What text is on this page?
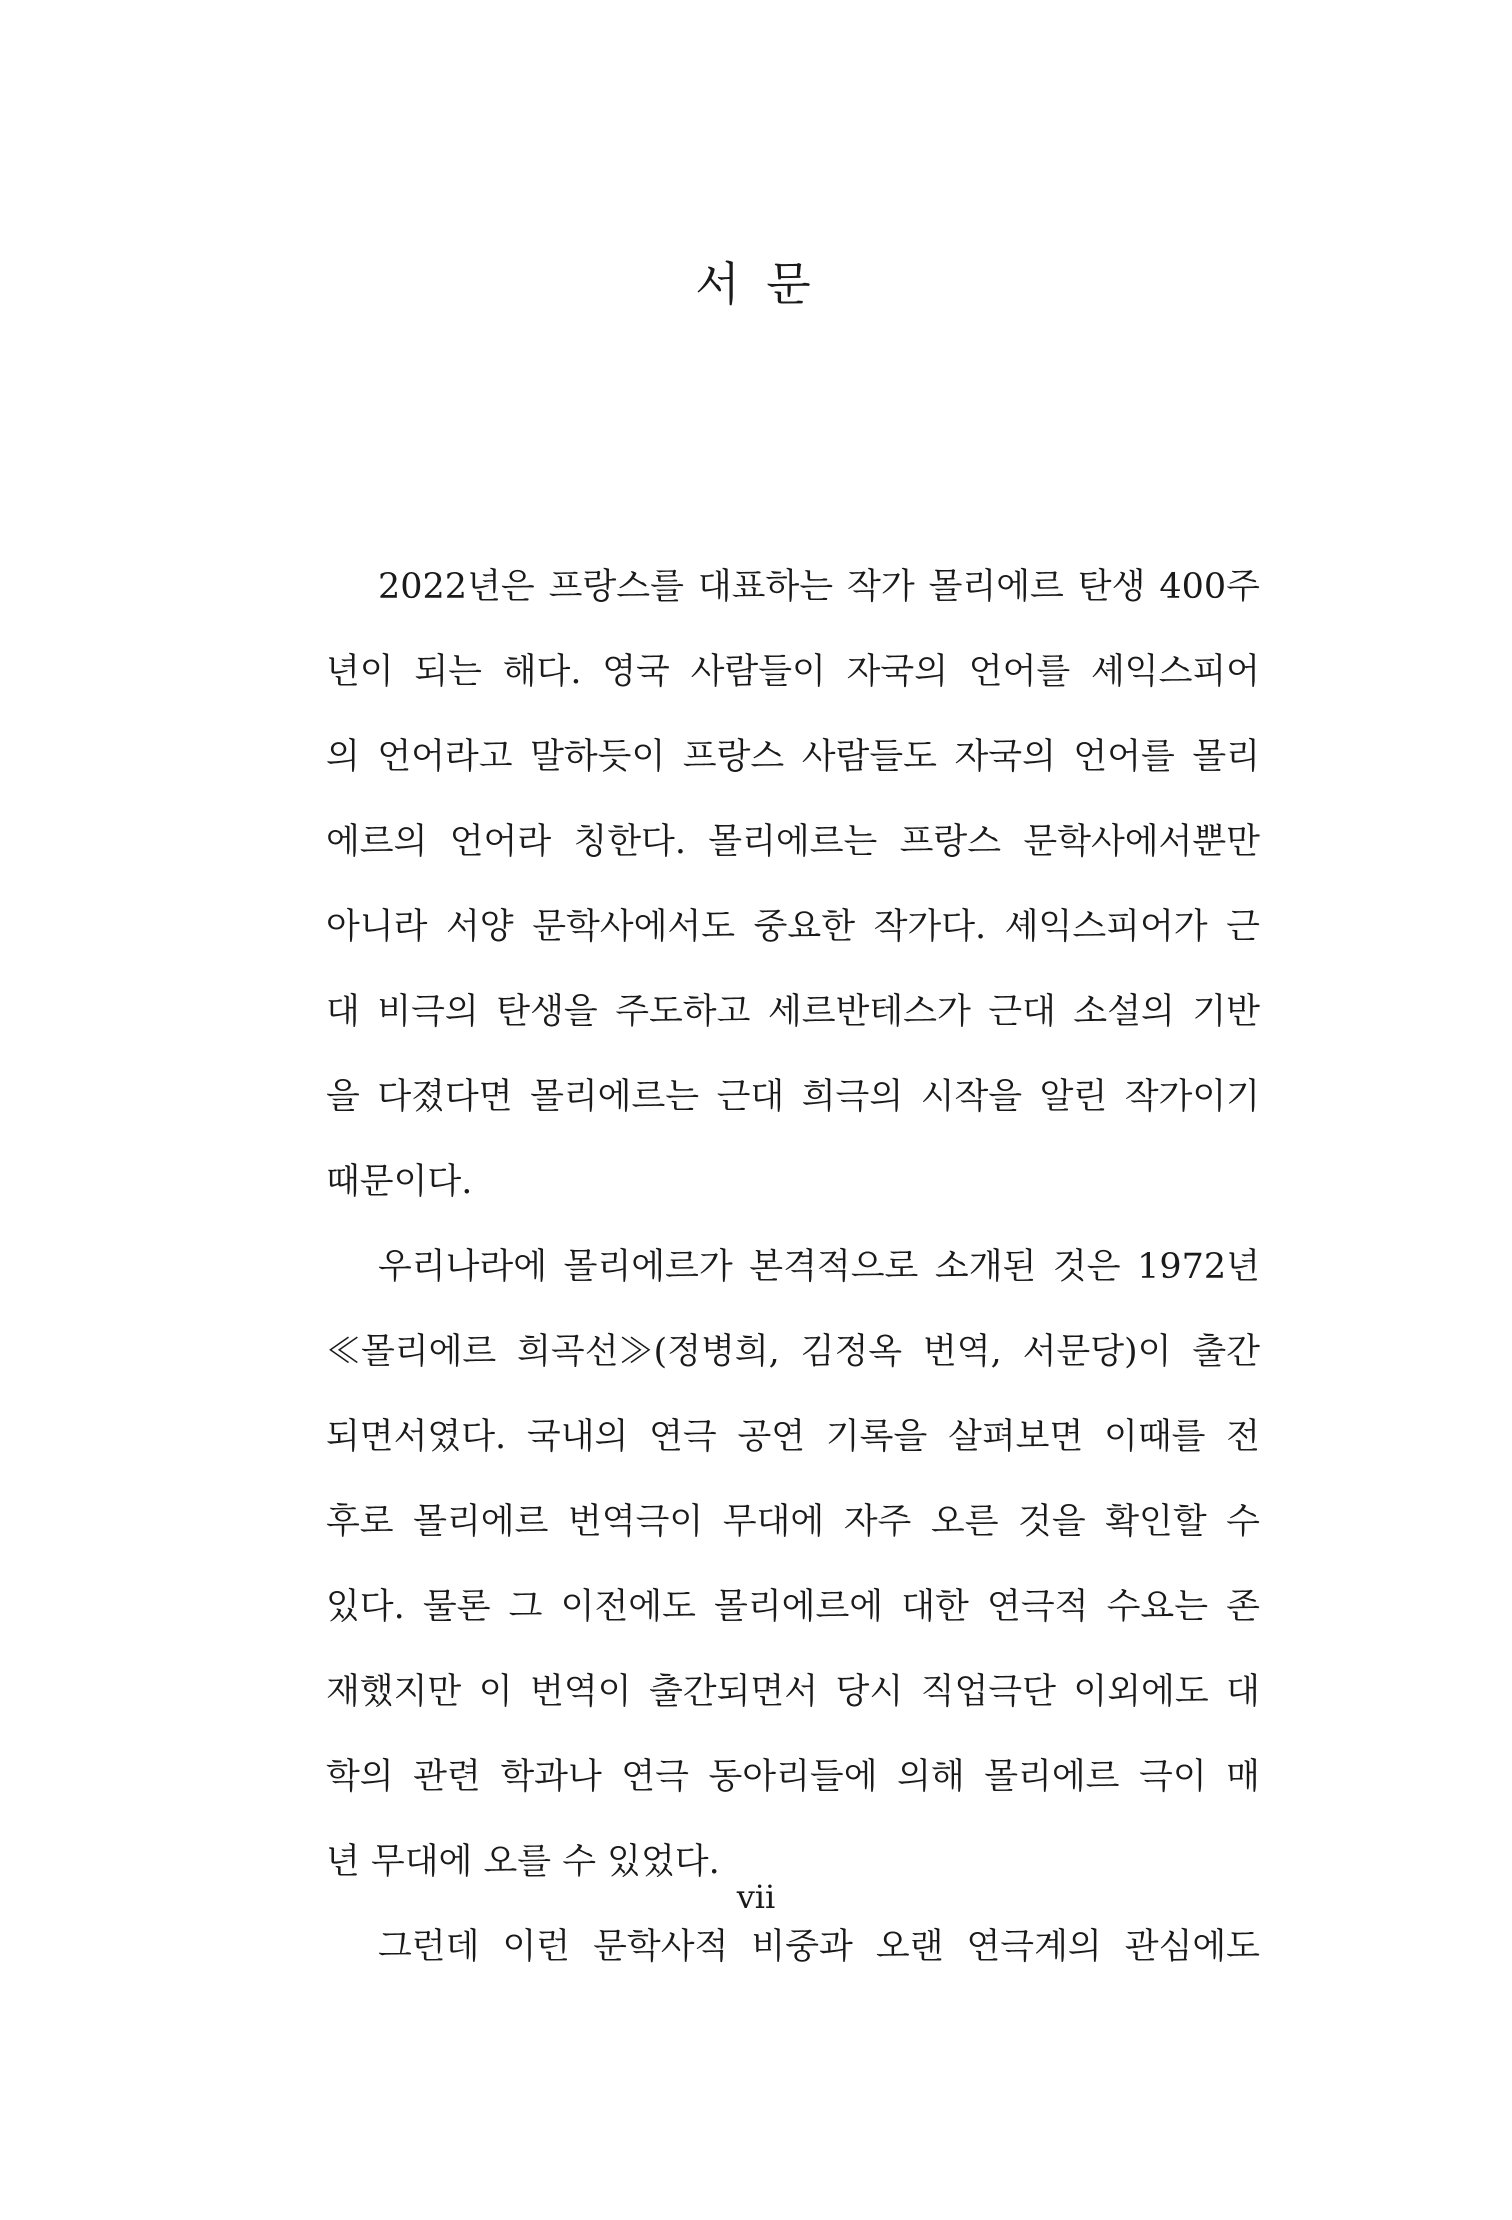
서 문
2022년은 프랑스를 대표하는 작가 몰리에르 탄생 400주
년이 되는 해다. 영국 사람들이 자국의 언어를 셰익스피어
의 언어라고 말하듯이 프랑스 사람들도 자국의 언어를 몰리
에르의 언어라 칭한다. 몰리에르는 프랑스 문학사에서뿐만
아니라 서양 문학사에서도 중요한 작가다. 셰익스피어가 근
대 비극의 탄생을 주도하고 세르반테스가 근대 소설의 기반
을 다졌다면 몰리에르는 근대 희극의 시작을 알린 작가이기
때문이다.
우리나라에 몰리에르가 본격적으로 소개된 것은 1972년
≪몰리에르 희곡선≫(정병희, 김정옥 번역, 서문당)이 출간
되면서였다. 국내의 연극 공연 기록을 살펴보면 이때를 전
후로 몰리에르 번역극이 무대에 자주 오른 것을 확인할 수
있다. 물론 그 이전에도 몰리에르에 대한 연극적 수요는 존
재했지만 이 번역이 출간되면서 당시 직업극단 이외에도 대
학의 관련 학과나 연극 동아리들에 의해 몰리에르 극이 매
년 무대에 오를 수 있었다.
그런데 이런 문학사적 비중과 오랜 연극계의 관심에도
vii
